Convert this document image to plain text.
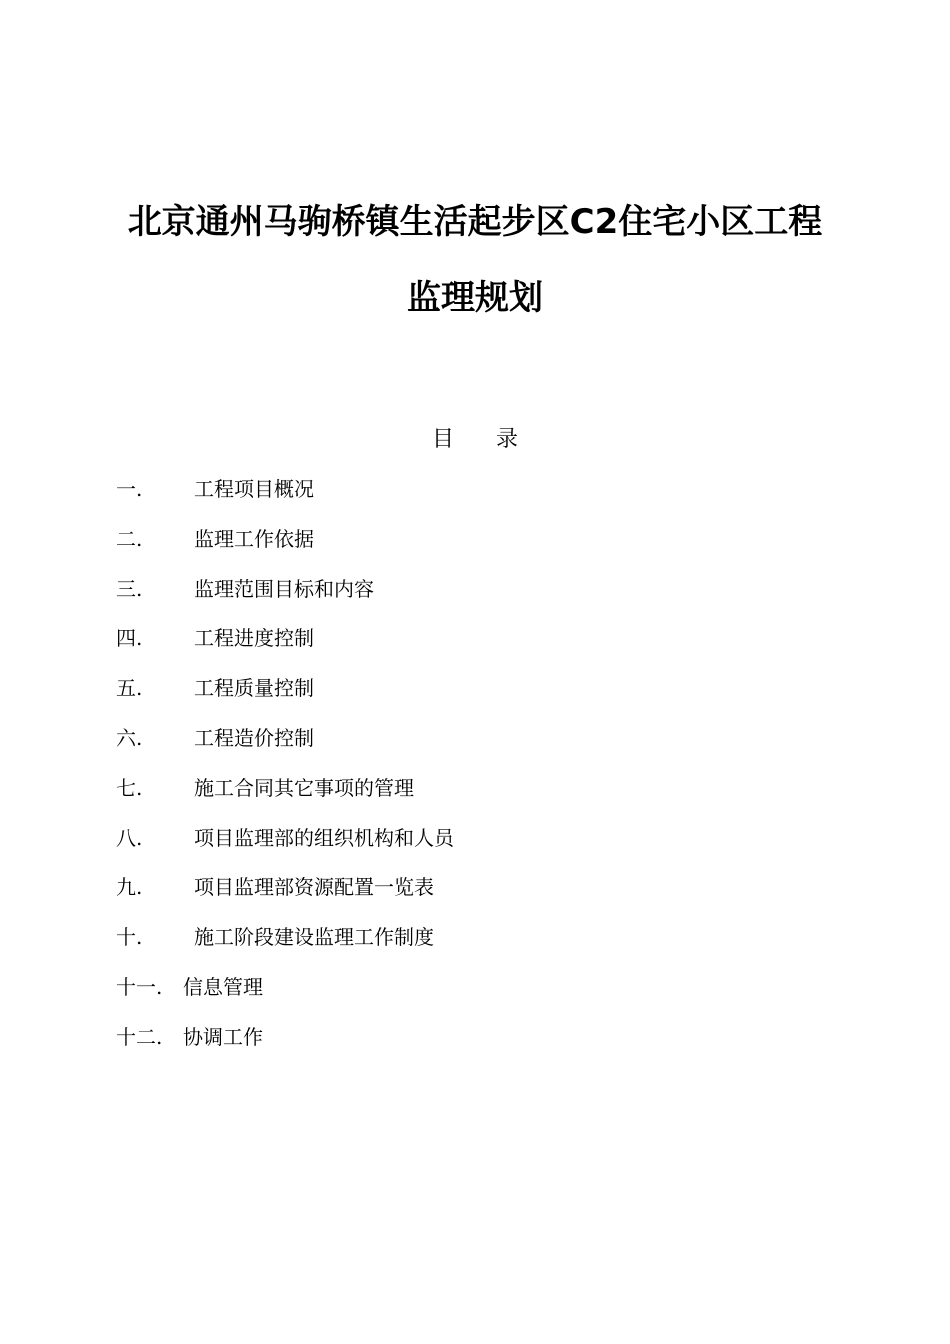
北京通州马驹桥镇生活起步区C2住宅小区工程
监理规划
目      录
一.	工程项目概况
二.	监理工作依据
三.	监理范围目标和内容
四.	工程进度控制
五.	工程质量控制
六.	工程造价控制
七.	施工合同其它事项的管理
八.	项目监理部的组织机构和人员
九.	项目监理部资源配置一览表
十.	施工阶段建设监理工作制度
十一.	信息管理
十二.	协调工作
